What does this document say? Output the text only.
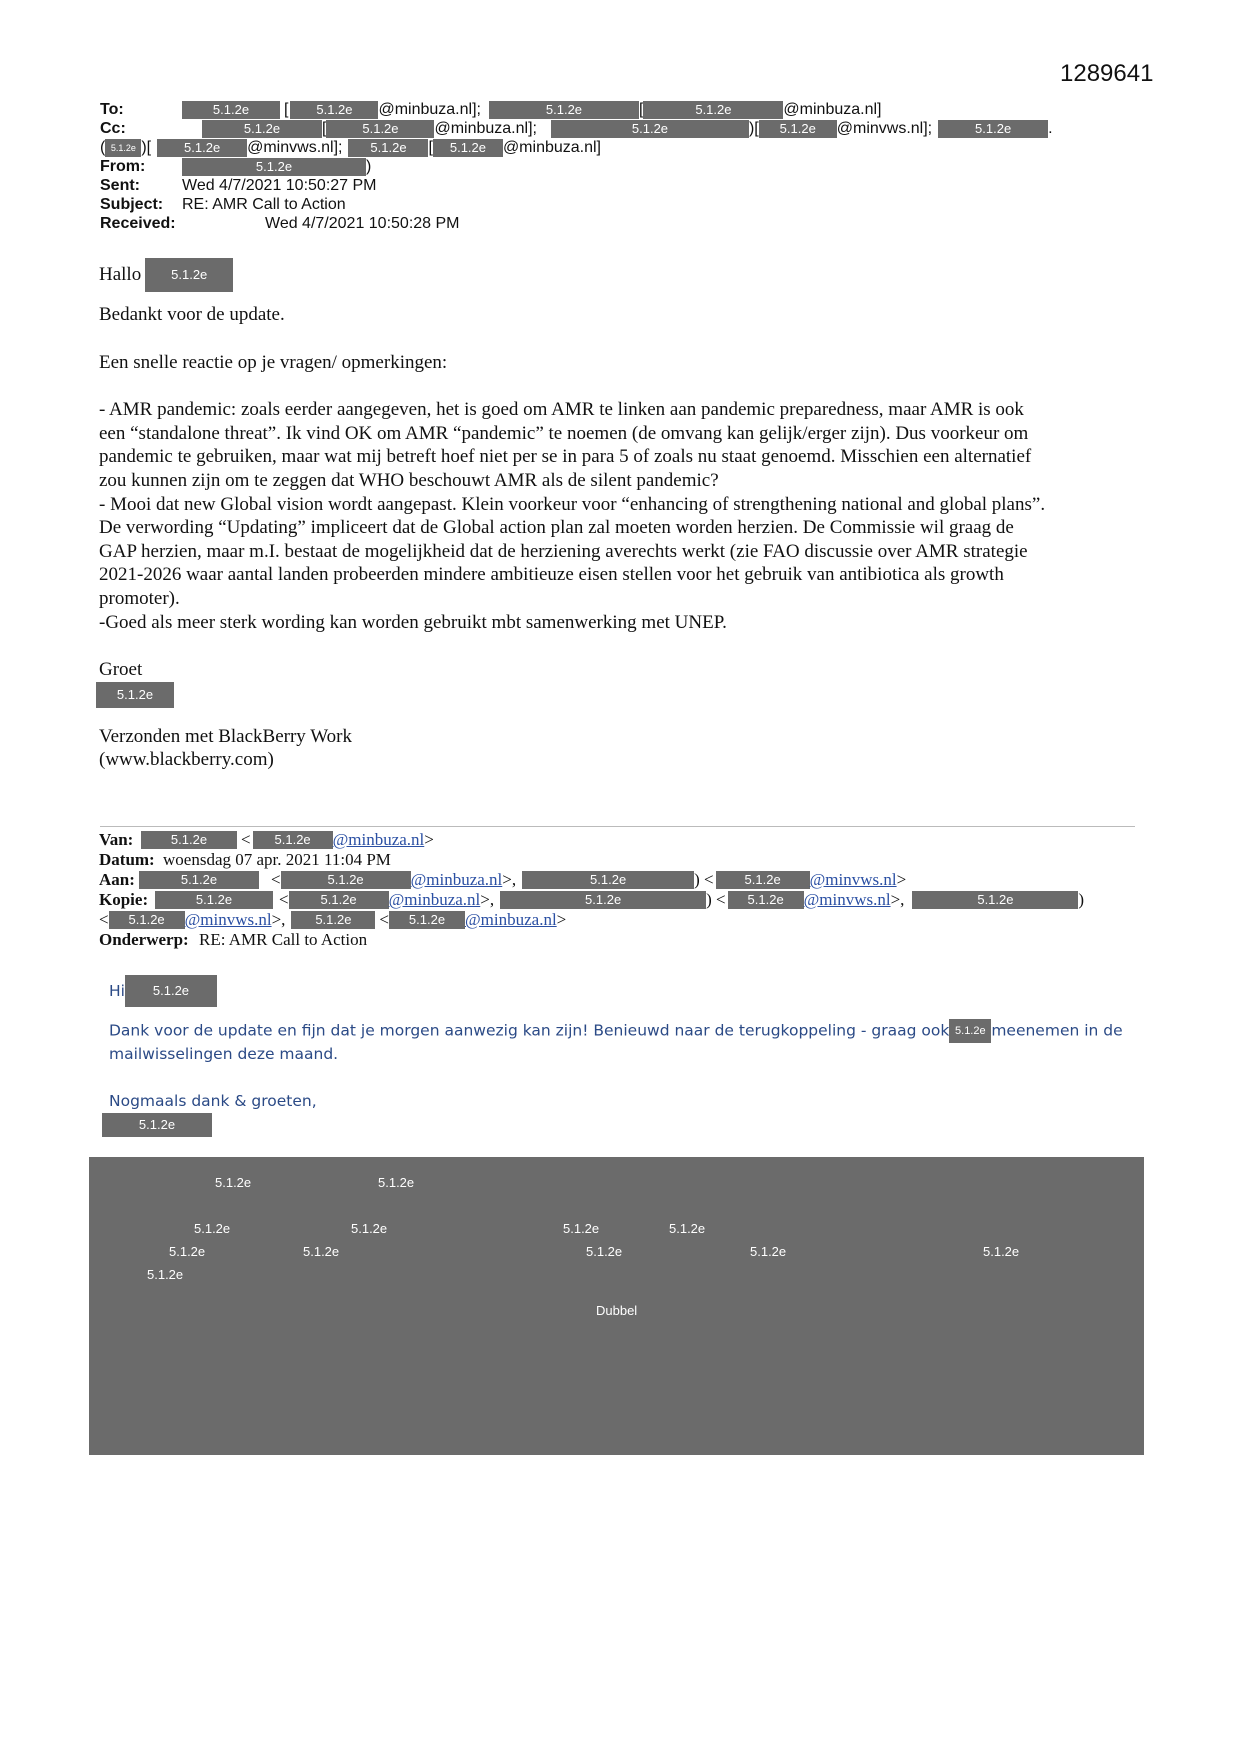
1289641
To:	5.1.2e	[	5.1.2e	@minbuza.nl];	5.1.2e	[	5.1.2e	@minbuza.nl]
Cc:	5.1.2e	[	5.1.2e	@minbuza.nl];	5.1.2e	)[	5.1.2e	@minvws.nl];	5.1.2e	.
( 5.1.2e )[	5.1.2e	@minvws.nl];	5.1.2e	[	5.1.2e	@minbuza.nl]
From:	5.1.2e	)
Sent:	Wed 4/7/2021 10:50:27 PM
Subject:	RE: AMR Call to Action
Received:	Wed 4/7/2021 10:50:28 PM
Hallo	5.1.2e

Bedankt voor de update.

Een snelle reactie op je vragen/ opmerkingen:

- AMR pandemic: zoals eerder aangegeven, het is goed om AMR te linken aan pandemic preparedness, maar AMR is ook

een “standalone threat”. Ik vind OK om AMR “pandemic” te noemen (de omvang kan gelijk/erger zijn). Dus voorkeur om

pandemic te gebruiken, maar wat mij betreft hoef niet per se in para 5 of zoals nu staat genoemd. Misschien een alternatief

zou kunnen zijn om te zeggen dat WHO beschouwt AMR als de silent pandemic?

- Mooi dat new Global vision wordt aangepast. Klein voorkeur voor “enhancing of strengthening national and global plans”.

De verwording “Updating” impliceert dat de Global action plan zal moeten worden herzien. De Commissie wil graag de

GAP herzien, maar m.I. bestaat de mogelijkheid dat de herziening averechts werkt (zie FAO discussie over AMR strategie

2021-2026 waar aantal landen probeerden mindere ambitieuze eisen stellen voor het gebruik van antibiotica als growth

promoter).

-Goed als meer sterk wording kan worden gebruikt mbt samenwerking met UNEP.

Groet

5.1.2e

Verzonden met BlackBerry Work

(www.blackberry.com)

Van:	5.1.2e	<	5.1.2e	@minbuza.nl >
Datum: woensdag 07 apr. 2021 11:04 PM
Aan:	5.1.2e	<	5.1.2e	@minbuza.nl >,	5.1.2e	) <	5.1.2e	@minvws.nl >
Kopie:	5.1.2e	<	5.1.2e	@minbuza.nl >,	5.1.2e	) <	5.1.2e	@minvws.nl >,	5.1.2e	)
<	5.1.2e	@minvws.nl >,	5.1.2e	<	5.1.2e	@minbuza.nl >
Onderwerp: RE: AMR Call to Action
Hi	5.1.2e

Dank voor de update en fijn dat je morgen aanwezig kan zijn! Benieuwd naar de terugkoppeling - graag ook 5.1.2e meenemen in de

mailwisselingen deze maand.

Nogmaals dank & groeten,

5.1.2e
5.1.2e	5.1.2e
5.1.2e	5.1.2e	5.1.2e	5.1.2e
5.1.2e	5.1.2e	5.1.2e	5.1.2e	5.1.2e
5.1.2e
Dubbel
